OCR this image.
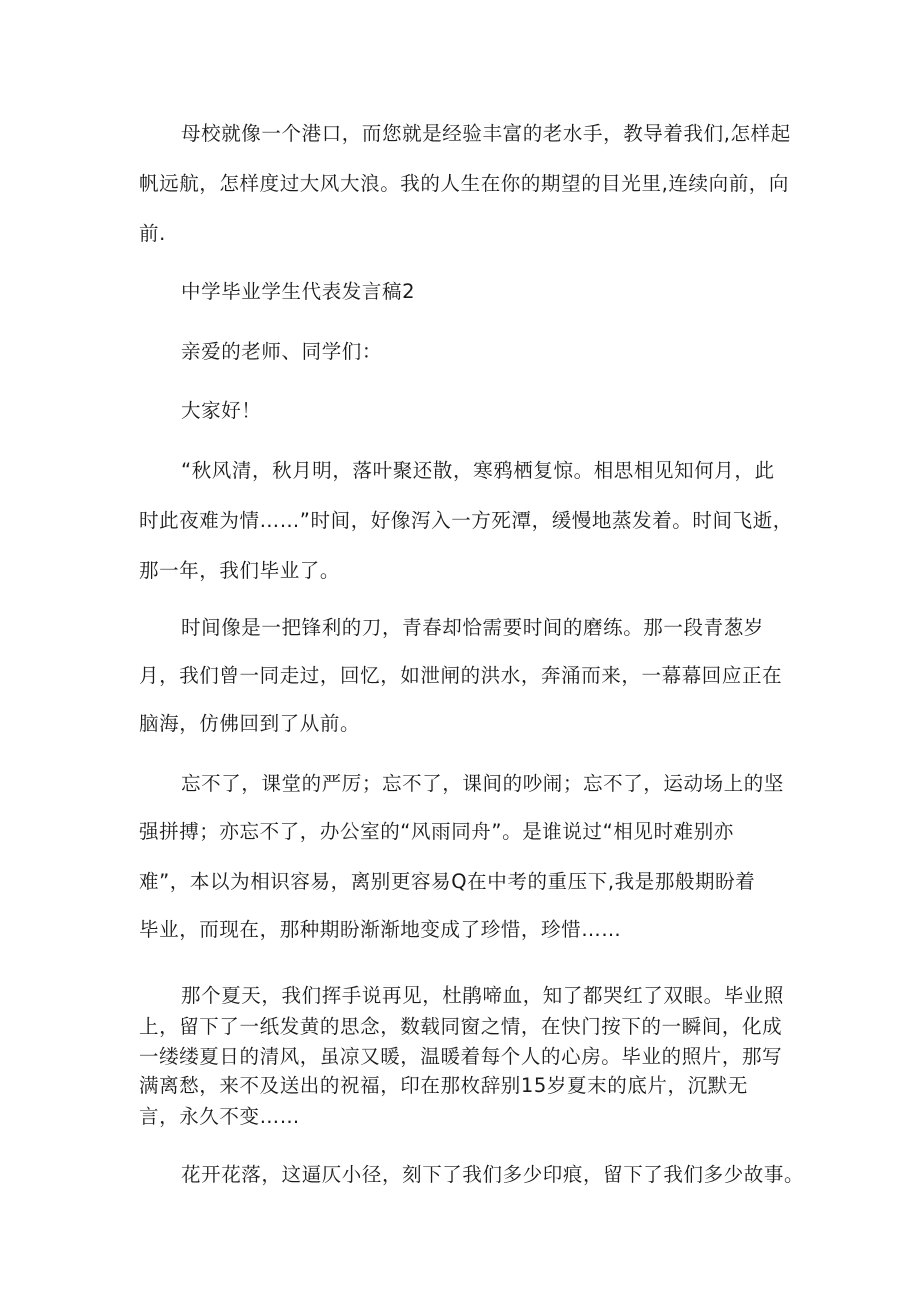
母校就像一个港口，而您就是经验丰富的老水手，教导着我们,怎样起
帆远航，怎样度过大风大浪。我的人生在你的期望的目光里,连续向前，向
前.
中学毕业学生代表发言稿2
亲爱的老师、同学们：
大家好！
“秋风清，秋月明，落叶聚还散，寒鸦栖复惊。相思相见知何月，此
时此夜难为情……”时间，好像泻入一方死潭，缓慢地蒸发着。时间飞逝，
那一年，我们毕业了。
时间像是一把锋利的刀，青春却恰需要时间的磨练。那一段青葱岁
月，我们曾一同走过，回忆，如泄闸的洪水，奔涌而来，一幕幕回应正在
脑海，仿佛回到了从前。
忘不了，课堂的严厉；忘不了，课间的吵闹；忘不了，运动场上的坚
强拼搏；亦忘不了，办公室的“风雨同舟”。是谁说过“相见时难别亦
难”，本以为相识容易，离别更容易Q在中考的重压下,我是那般期盼着
毕业，而现在，那种期盼渐渐地变成了珍惜，珍惜……
那个夏天，我们挥手说再见，杜鹃啼血，知了都哭红了双眼。毕业照
上，留下了一纸发黄的思念，数载同窗之情，在快门按下的一瞬间，化成
一缕缕夏日的清风，虽凉又暖，温暖着每个人的心房。毕业的照片，那写
满离愁，来不及送出的祝福，印在那枚辞别15岁夏末的底片，沉默无
言，永久不变……
花开花落，这逼仄小径，刻下了我们多少印痕，留下了我们多少故事。
